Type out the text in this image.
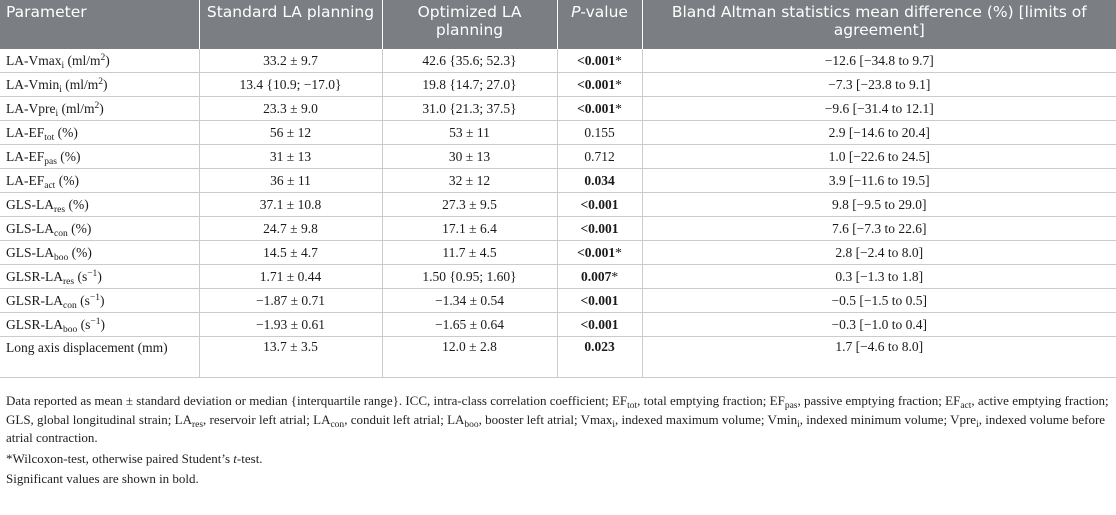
Parameter	Standard LA planning	Optimized LA planning	P-value	Bland Altman statistics mean difference (%) [limits of agreement]
LA-Vmax$_i$ $(ml/m^2)$	33.2 ± 9.7	42.6 {35.6; 52.3}	<0.001*	−12.6 [−34.8 to 9.7]
LA-Vmin$_i$ $(ml/m^2)$	13.4 {10.9; −17.0}	19.8 {14.7; 27.0}	<0.001*	−7.3 [−23.8 to 9.1]
LA-Vpre$_i$ $(ml/m^2)$	23.3 ± 9.0	31.0 {21.3; 37.5}	<0.001*	−9.6 [−31.4 to 12.1]
$LA-EF_{tot}$ (%)	56 ± 12	53 ± 11	0.155	2.9 [−14.6 to 20.4]
$LA-EF_{pas}$ (%)	31 ± 13	30 ± 13	0.712	1.0 [−22.6 to 24.5]
$LA-EF_{act}$ (%)	36 ± 11	32 ± 12	0.034	3.9 [−11.6 to 19.5]
GLS-$LA_{res}$ (%)	37.1 ± 10.8	27.3 ± 9.5	<0.001	9.8 [−9.5 to 29.0]
GLS-$LA_{con}$ (%)	24.7 ± 9.8	17.1 ± 6.4	<0.001	7.6 [−7.3 to 22.6]
GLS-$LA_{boo}$ (%)	14.5 ± 4.7	11.7 ± 4.5	<0.001*	2.8 [−2.4 to 8.0]
GLSR-$LA_{res}$ $(s^{-1})$	1.71 ± 0.44	1.50 {0.95; 1.60}	0.007*	0.3 [−1.3 to 1.8]
GLSR-$LA_{con}$ $(s^{-1})$	−1.87 ± 0.71	−1.34 ± 0.54	<0.001	−0.5 [−1.5 to 0.5]
GLSR-$LA_{boo}$ $(s^{-1})$	−1.93 ± 0.61	−1.65 ± 0.64	<0.001	−0.3 [−1.0 to 0.4]
Long axis displacement (mm)	13.7 ± 3.5	12.0 ± 2.8	0.023	1.7 [−4.6 to 8.0]

Data reported as mean ± standard deviation or median {interquartile range}. ICC, intra-class correlation coefficient; $EF_{tot}$, total emptying fraction; $EF_{pas}$, passive emptying fraction; $EF_{act}$, active emptying fraction; GLS, global longitudinal strain; $LA_{res}$, reservoir left atrial; $LA_{con}$, conduit left atrial; $LA_{boo}$, booster left atrial; Vmax$_i$, indexed maximum volume; Vmin$_i$, indexed minimum volume; Vpre$_i$, indexed volume before atrial contraction.

*Wilcoxon-test, otherwise paired Student’s t-test.

Significant values are shown in bold.
